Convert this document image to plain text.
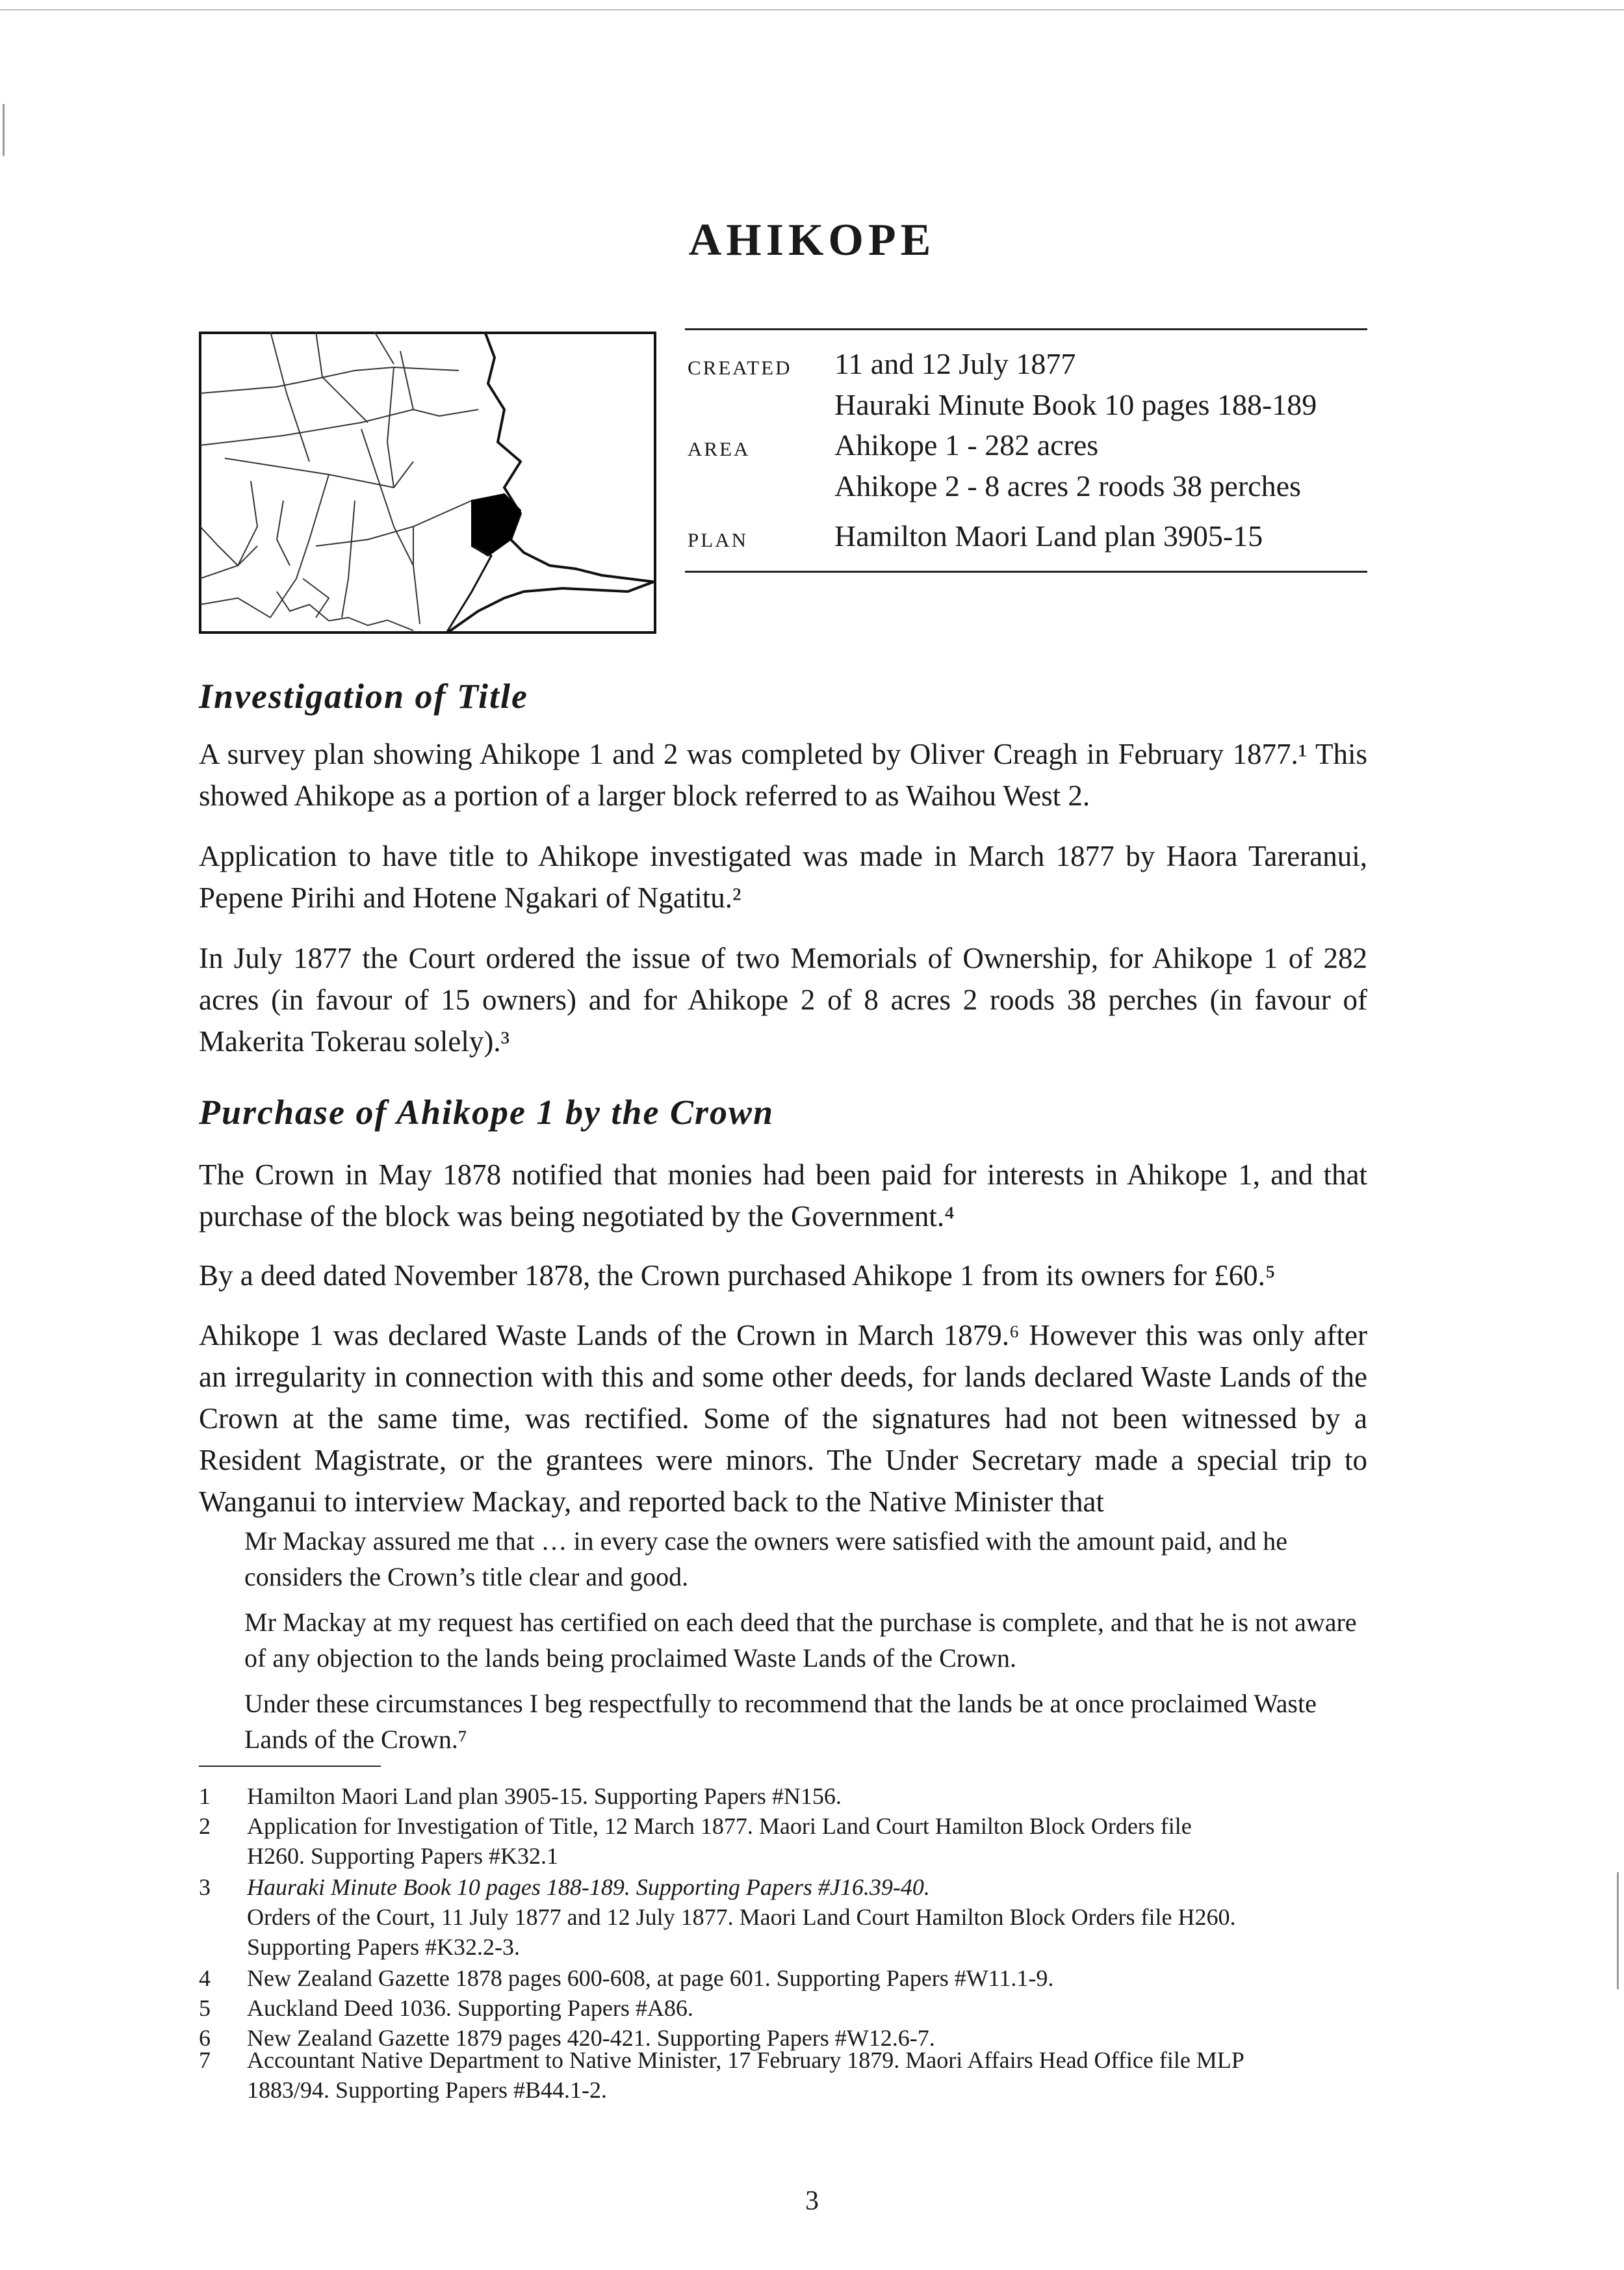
AHIKOPE
CREATED 11 and 12 July 1877
Hauraki Minute Book 10 pages 188-189
AREA	Ahikope 1 - 282 acres
Ahikope 2 - 8 acres 2 roods 38 perches
PLAN	Hamilton Maori Land plan 3905-15
Investigation of Title

A survey plan showing Ahikope 1 and 2 was completed by Oliver Creagh in February 1877.¹ This showed Ahikope as a portion of a larger block referred to as Waihou West 2.

Application to have title to Ahikope investigated was made in March 1877 by Haora Tareranui, Pepene Pirihi and Hotene Ngakari of Ngatitu.²

In July 1877 the Court ordered the issue of two Memorials of Ownership, for Ahikope 1 of 282 acres (in favour of 15 owners) and for Ahikope 2 of 8 acres 2 roods 38 perches (in favour of Makerita Tokerau solely).³

Purchase of Ahikope 1 by the Crown

The Crown in May 1878 notified that monies had been paid for interests in Ahikope 1, and that purchase of the block was being negotiated by the Government.⁴

By a deed dated November 1878, the Crown purchased Ahikope 1 from its owners for £60.⁵

Ahikope 1 was declared Waste Lands of the Crown in March 1879.⁶ However this was only after an irregularity in connection with this and some other deeds, for lands declared Waste Lands of the Crown at the same time, was rectified. Some of the signatures had not been witnessed by a Resident Magistrate, or the grantees were minors. The Under Secretary made a special trip to Wanganui to interview Mackay, and reported back to the Native Minister that

Mr Mackay assured me that … in every case the owners were satisfied with the amount paid, and he considers the Crown’s title clear and good.

Mr Mackay at my request has certified on each deed that the purchase is complete, and that he is not aware of any objection to the lands being proclaimed Waste Lands of the Crown.

Under these circumstances I beg respectfully to recommend that the lands be at once proclaimed Waste Lands of the Crown.⁷

1	Hamilton Maori Land plan 3905-15. Supporting Papers #N156.
2	Application for Investigation of Title, 12 March 1877. Maori Land Court Hamilton Block Orders file
H260. Supporting Papers #K32.1
3	Hauraki Minute Book 10 pages 188-189. Supporting Papers #J16.39-40.
Orders of the Court, 11 July 1877 and 12 July 1877. Maori Land Court Hamilton Block Orders file H260.
Supporting Papers #K32.2-3.
4	New Zealand Gazette 1878 pages 600-608, at page 601. Supporting Papers #W11.1-9.
5	Auckland Deed 1036. Supporting Papers #A86.
6	New Zealand Gazette 1879 pages 420-421. Supporting Papers #W12.6-7.
7	Accountant Native Department to Native Minister, 17 February 1879. Maori Affairs Head Office file MLP
1883/94. Supporting Papers #B44.1-2.
3
